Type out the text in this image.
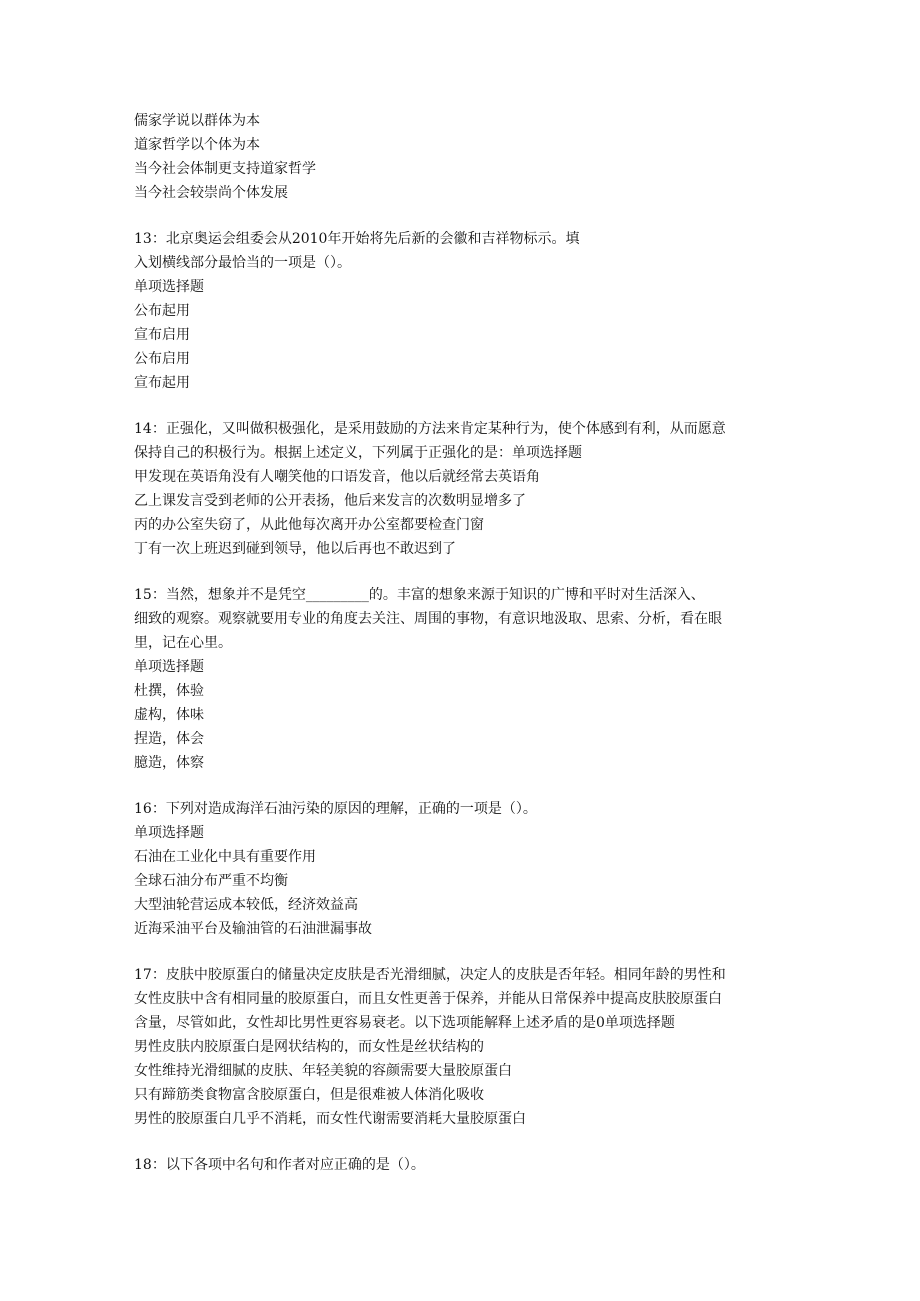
儒家学说以群体为本
道家哲学以个体为本
当今社会体制更支持道家哲学
当今社会较崇尚个体发展
13：北京奥运会组委会从2010年开始将先后新的会徽和吉祥物标示。填
入划横线部分最恰当的一项是（）。
单项选择题
公布起用
宣布启用
公布启用
宣布起用
14：正强化，又叫做积极强化，是采用鼓励的方法来肯定某种行为，使个体感到有利，从而愿意
保持自己的积极行为。根据上述定义，下列属于正强化的是：单项选择题
甲发现在英语角没有人嘲笑他的口语发音，他以后就经常去英语角
乙上课发言受到老师的公开表扬，他后来发言的次数明显增多了
丙的办公室失窃了，从此他每次离开办公室都要检查门窗
丁有一次上班迟到碰到领导，他以后再也不敢迟到了
15：当然，想象并不是凭空_________的。丰富的想象来源于知识的广博和平时对生活深入、
细致的观察。观察就要用专业的角度去关注、周围的事物，有意识地汲取、思索、分析，看在眼
里，记在心里。
单项选择题
杜撰，体验
虚构，体味
捏造，体会
臆造，体察
16：下列对造成海洋石油污染的原因的理解，正确的一项是（）。
单项选择题
石油在工业化中具有重要作用
全球石油分布严重不均衡
大型油轮营运成本较低，经济效益高
近海采油平台及输油管的石油泄漏事故
17：皮肤中胶原蛋白的储量决定皮肤是否光滑细腻，决定人的皮肤是否年轻。相同年龄的男性和
女性皮肤中含有相同量的胶原蛋白，而且女性更善于保养，并能从日常保养中提高皮肤胶原蛋白
含量，尽管如此，女性却比男性更容易衰老。以下选项能解释上述矛盾的是0单项选择题
男性皮肤内胶原蛋白是网状结构的，而女性是丝状结构的
女性维持光滑细腻的皮肤、年轻美貌的容颜需要大量胶原蛋白
只有蹄筋类食物富含胶原蛋白，但是很难被人体消化吸收
男性的胶原蛋白几乎不消耗，而女性代谢需要消耗大量胶原蛋白
18：以下各项中名句和作者对应正确的是（）。
